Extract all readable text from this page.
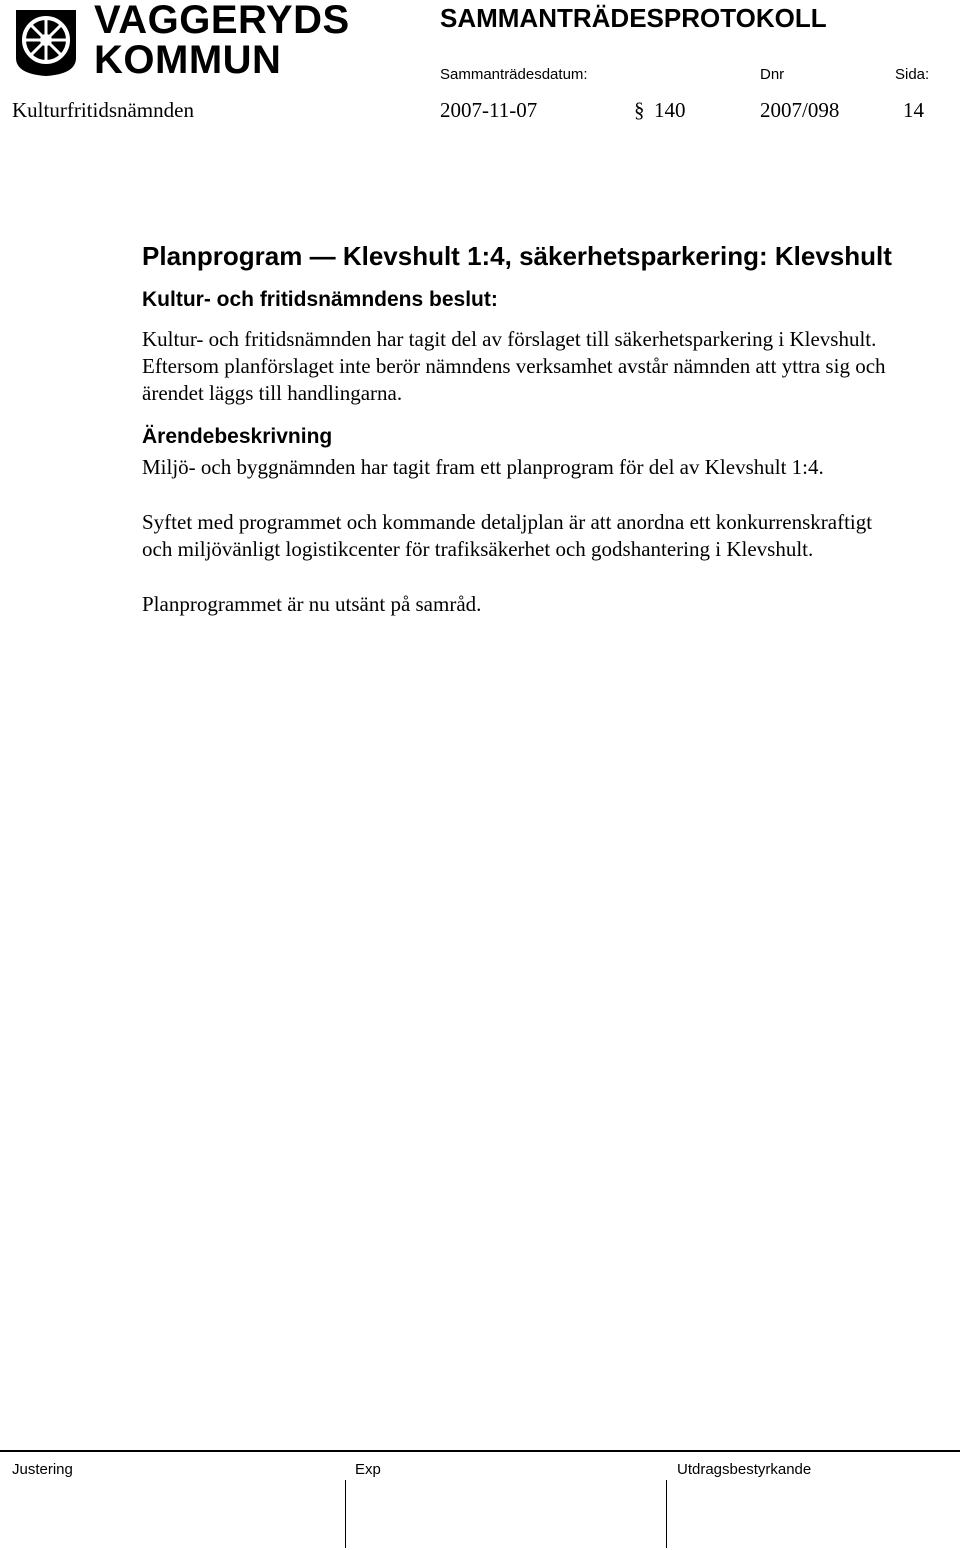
VAGGERYDS
KOMMUN
SAMMANTRÄDESPROTOKOLL
Sammanträdesdatum:	Dnr	Sida:
Kulturfritidsnämnden	2007-11-07	§ 140	2007/098	14
Planprogram — Klevshult 1:4, säkerhetsparkering: Klevshult
Kultur- och fritidsnämndens beslut:

Kultur- och fritidsnämnden har tagit del av förslaget till säkerhetsparkering i Klevshult. Eftersom planförslaget inte berör nämndens verksamhet avstår nämnden att yttra sig och ärendet läggs till handlingarna.

Ärendebeskrivning

Miljö- och byggnämnden har tagit fram ett planprogram för del av Klevshult 1:4.

Syftet med programmet och kommande detaljplan är att anordna ett konkurrenskraftigt och miljövänligt logistikcenter för trafiksäkerhet och godshantering i Klevshult.

Planprogrammet är nu utsänt på samråd.

Justering	Exp	Utdragsbestyrkande
